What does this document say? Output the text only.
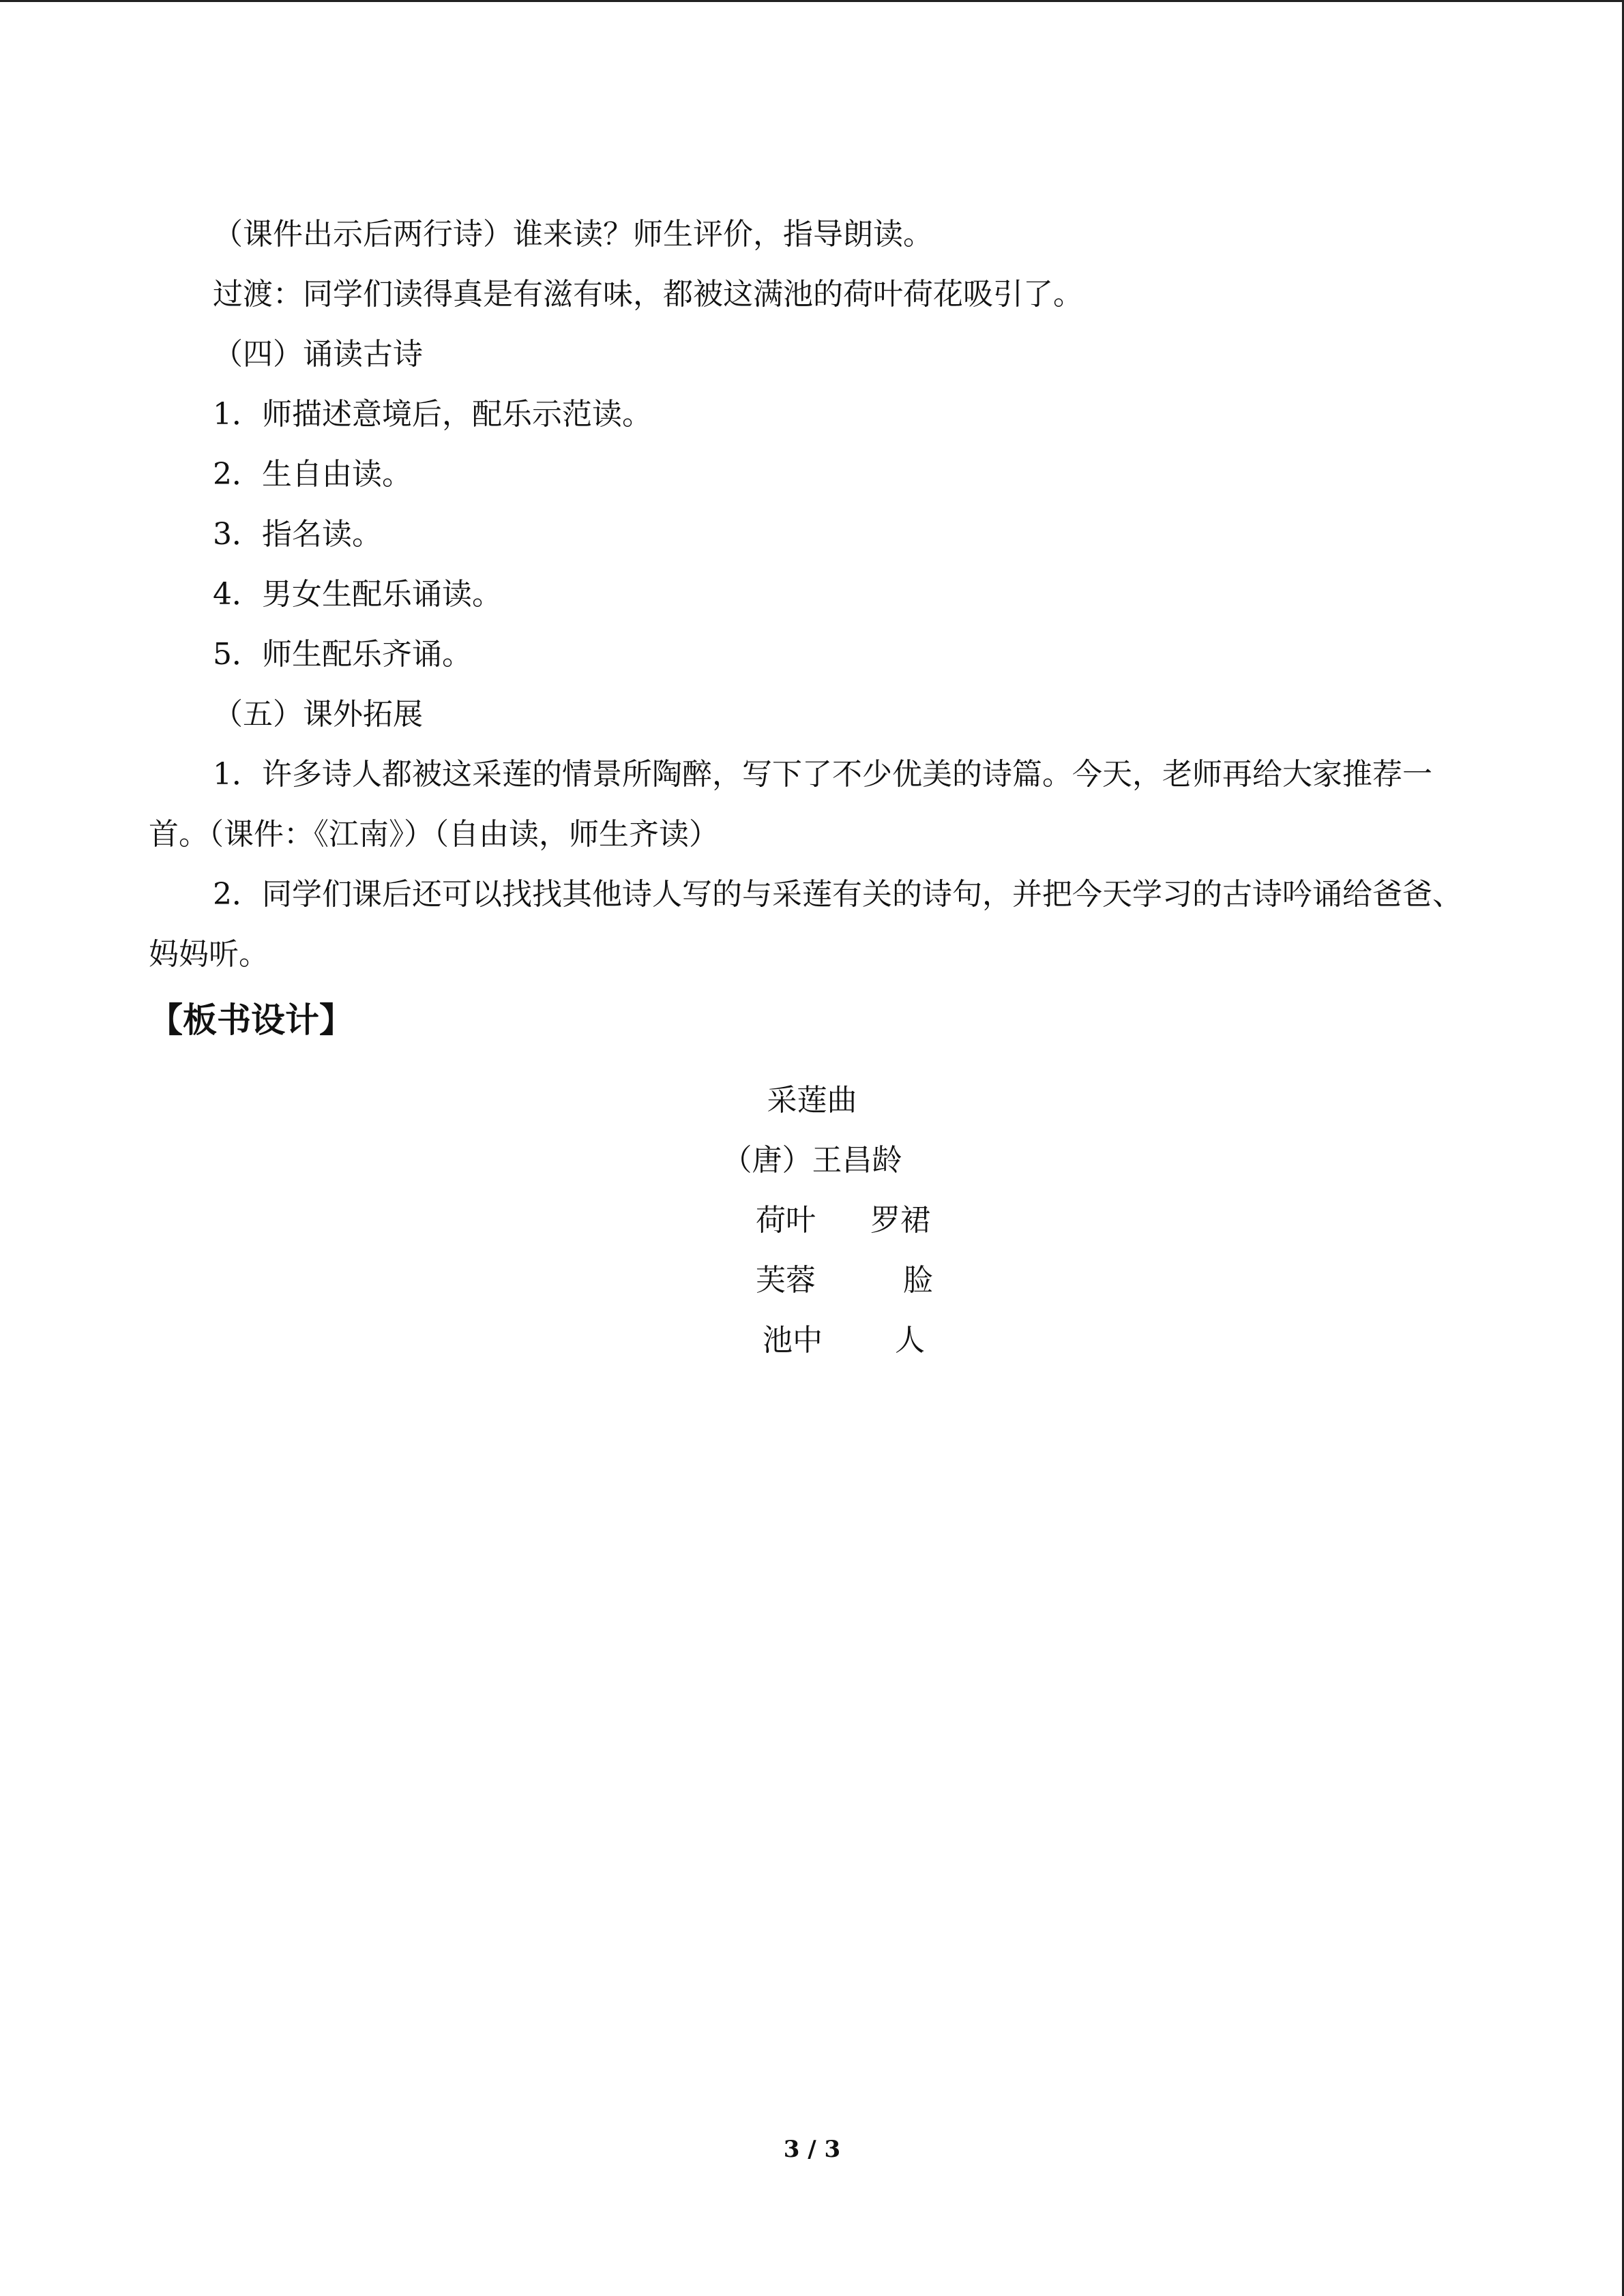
（课件出示后两行诗）谁来读？师生评价，指导朗读。
过渡：同学们读得真是有滋有味，都被这满池的荷叶荷花吸引了。
（四）诵读古诗
1．师描述意境后，配乐示范读。
2．生自由读。
3．指名读。
4．男女生配乐诵读。
5．师生配乐齐诵。
（五）课外拓展
1．许多诗人都被这采莲的情景所陶醉，写下了不少优美的诗篇。今天，老师再给大家推荐一首。（课件：《江南》）（自由读，师生齐读）
2．同学们课后还可以找找其他诗人写的与采莲有关的诗句，并把今天学习的古诗吟诵给爸爸、妈妈听。
【板书设计】
采莲曲
（唐）王昌龄
荷叶 罗裙
芙蓉	脸
池中 人
3 / 3
